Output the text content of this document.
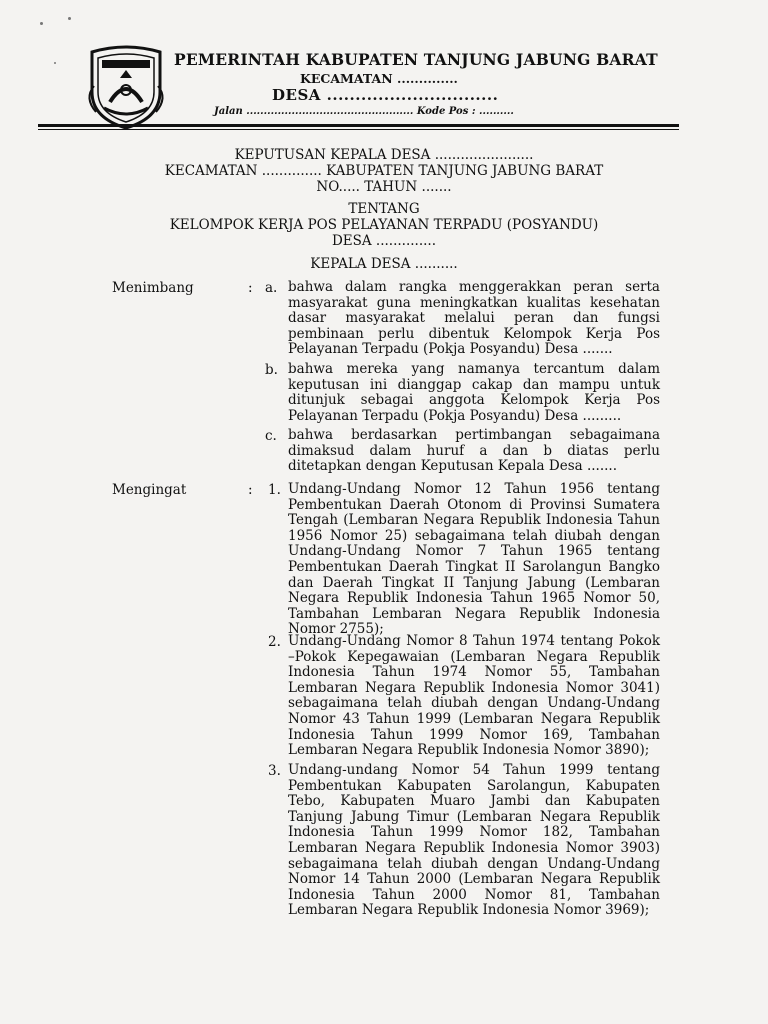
PEMERINTAH KABUPATEN TANJUNG JABUNG BARAT
KECAMATAN ..............
DESA ..............................
Jalan ................................................ Kode Pos : ..........
KEPUTUSAN KEPALA DESA .......................
KECAMATAN .............. KABUPATEN TANJUNG JABUNG BARAT
NO..... TAHUN .......
TENTANG
KELOMPOK KERJA POS PELAYANAN TERPADU (POSYANDU)
DESA ..............
KEPALA DESA ..........
Menimbang	: a. bahwa dalam rangka menggerakkan peran serta masyarakat guna meningkatkan kualitas kesehatan dasar masyarakat melalui peran dan fungsi pembinaan perlu dibentuk Kelompok Kerja Pos Pelayanan Terpadu (Pokja Posyandu) Desa .......
b. bahwa mereka yang namanya tercantum dalam keputusan ini dianggap cakap dan mampu untuk ditunjuk sebagai anggota Kelompok Kerja Pos Pelayanan Terpadu (Pokja Posyandu) Desa .........
c. bahwa berdasarkan pertimbangan sebagaimana dimaksud dalam huruf a dan b diatas perlu ditetapkan dengan Keputusan Kepala Desa .......
Mengingat	: 1. Undang-Undang Nomor 12 Tahun 1956 tentang Pembentukan Daerah Otonom di Provinsi Sumatera Tengah (Lembaran Negara Republik Indonesia Tahun 1956 Nomor 25) sebagaimana telah diubah dengan Undang-Undang Nomor 7 Tahun 1965 tentang Pembentukan Daerah Tingkat II Sarolangun Bangko dan Daerah Tingkat II Tanjung Jabung (Lembaran Negara Republik Indonesia Tahun 1965 Nomor 50, Tambahan Lembaran Negara Republik Indonesia Nomor 2755);
2. Undang-Undang Nomor 8 Tahun 1974 tentang Pokok –Pokok Kepegawaian (Lembaran Negara Republik Indonesia Tahun 1974 Nomor 55, Tambahan Lembaran Negara Republik Indonesia Nomor 3041) sebagaimana telah diubah dengan Undang-Undang Nomor 43 Tahun 1999 (Lembaran Negara Republik Indonesia Tahun 1999 Nomor 169, Tambahan Lembaran Negara Republik Indonesia Nomor 3890);
3. Undang-undang Nomor 54 Tahun 1999 tentang Pembentukan Kabupaten Sarolangun, Kabupaten Tebo, Kabupaten Muaro Jambi dan Kabupaten Tanjung Jabung Timur (Lembaran Negara Republik Indonesia Tahun 1999 Nomor 182, Tambahan Lembaran Negara Republik Indonesia Nomor 3903) sebagaimana telah diubah dengan Undang-Undang Nomor 14 Tahun 2000 (Lembaran Negara Republik Indonesia Tahun 2000 Nomor 81, Tambahan Lembaran Negara Republik Indonesia Nomor 3969);
